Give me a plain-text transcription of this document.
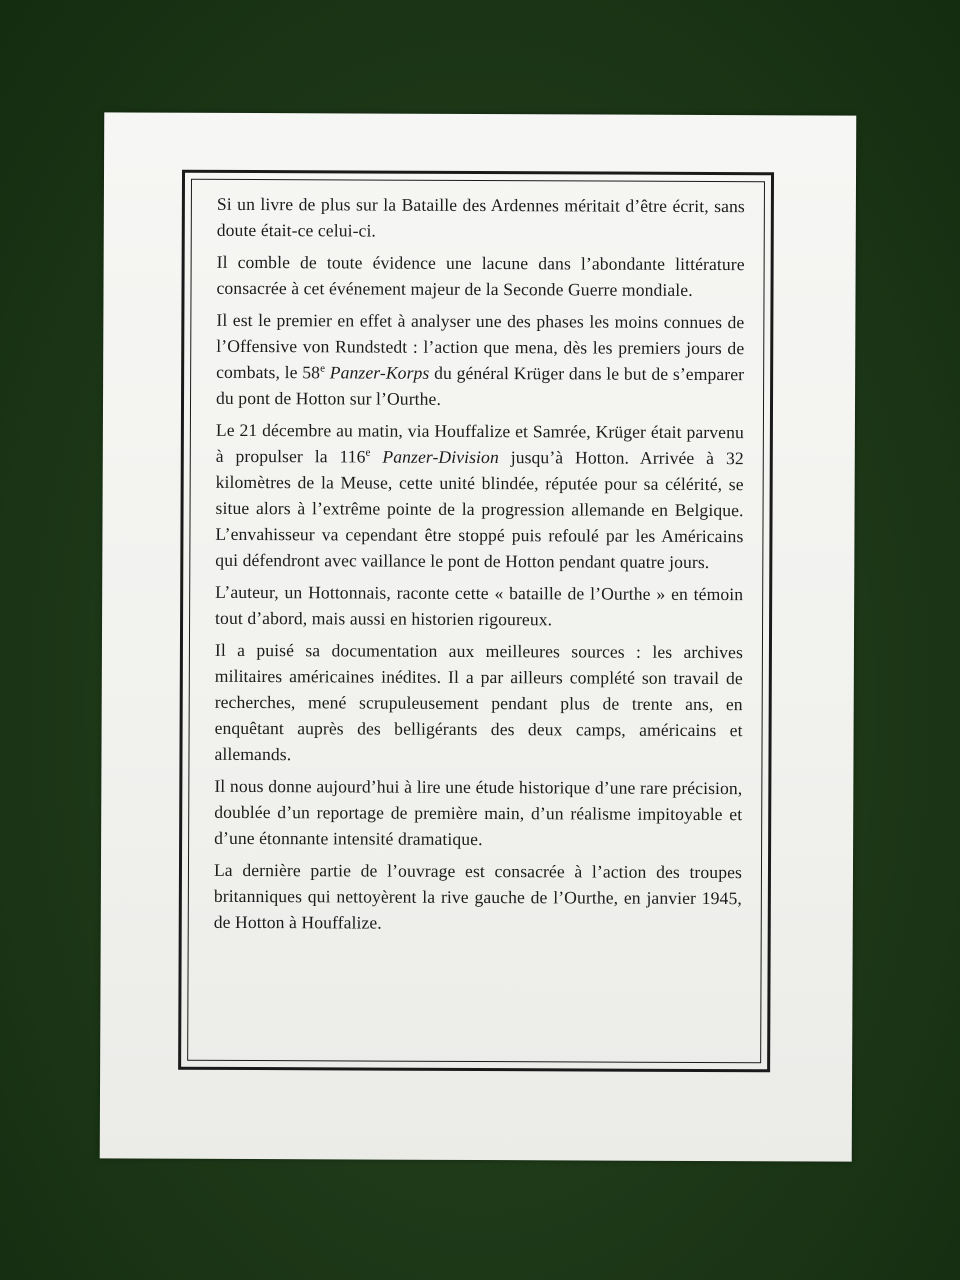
Si un livre de plus sur la Bataille des Ardennes méritait d’être écrit, sans doute était-ce celui-ci.

Il comble de toute évidence une lacune dans l’abondante littérature consacrée à cet événement majeur de la Seconde Guerre mondiale.

Il est le premier en effet à analyser une des phases les moins connues de l’Offensive von Rundstedt : l’action que mena, dès les premiers jours de combats, le 58e Panzer-Korps du général Krüger dans le but de s’emparer du pont de Hotton sur l’Ourthe.

Le 21 décembre au matin, via Houffalize et Samrée, Krüger était parvenu à propulser la 116e Panzer-Division jusqu’à Hotton. Arrivée à 32 kilomètres de la Meuse, cette unité blindée, réputée pour sa célérité, se situe alors à l’extrême pointe de la progression allemande en Belgique. L’envahisseur va cependant être stoppé puis refoulé par les Américains qui défendront avec vaillance le pont de Hotton pendant quatre jours.

L’auteur, un Hottonnais, raconte cette « bataille de l’Ourthe » en témoin tout d’abord, mais aussi en historien rigoureux.

Il a puisé sa documentation aux meilleures sources : les archives militaires américaines inédites. Il a par ailleurs complété son travail de recherches, mené scrupuleusement pendant plus de trente ans, en enquêtant auprès des belligérants des deux camps, américains et allemands.

Il nous donne aujourd’hui à lire une étude historique d’une rare précision, doublée d’un reportage de première main, d’un réalisme impitoyable et d’une étonnante intensité dramatique.

La dernière partie de l’ouvrage est consacrée à l’action des troupes britanniques qui nettoyèrent la rive gauche de l’Ourthe, en janvier 1945, de Hotton à Houffalize.
